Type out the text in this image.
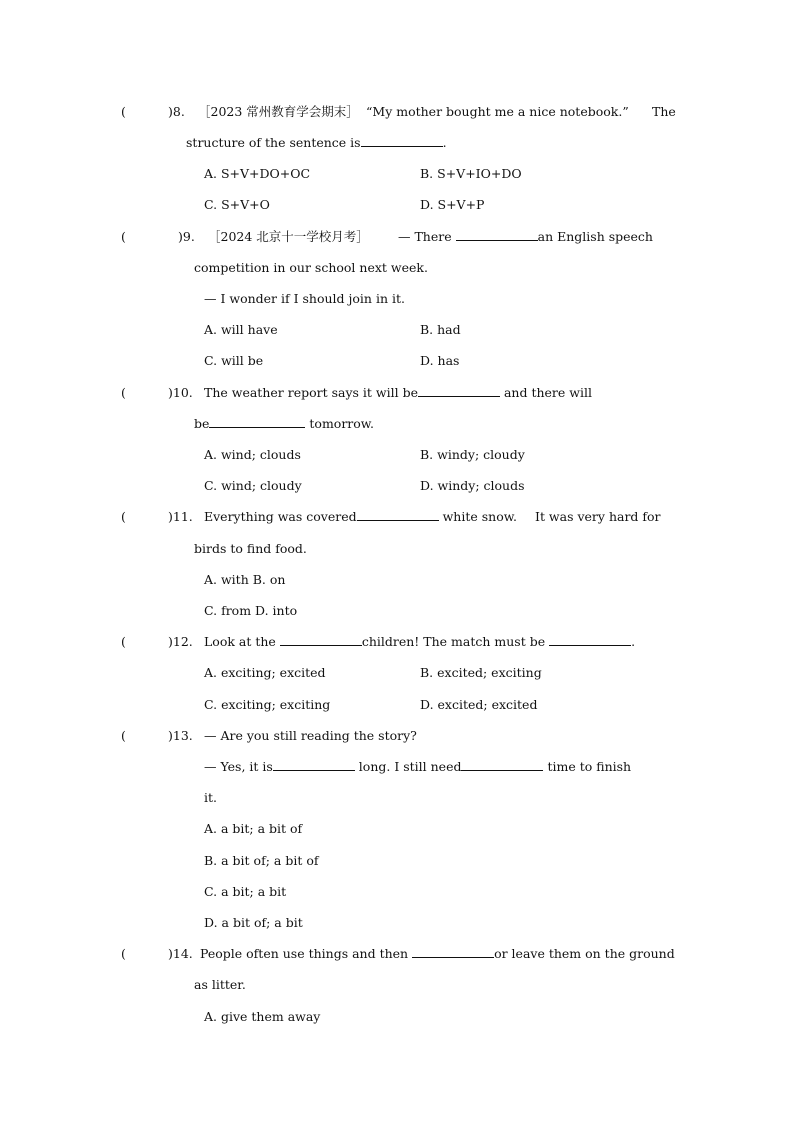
(	)8. ［2023 常州教育学会期末］ “My mother bought me a nice notebook.” The
structure of the sentence is	.
A. S+V+DO+OC	B. S+V+IO+DO
C. S+V+O	D. S+V+P
(	)9. ［2024 北京十一学校月考］ — There	an English speech
competition in our school next week.
— I wonder if I should join in it.
A. will have	B. had
C. will be	D. has
(	)10. The weather report says it will be	and there will
be	tomorrow.
A. wind; clouds	B. windy; cloudy
C. wind; cloudy	D. windy; clouds
(	)11. Everything was covered	white snow. It was very hard for
birds to find food.
A. with B. on
C. from D. into
(	)12. Look at the	children! The match must be	.
A. exciting; excited	B. excited; exciting
C. exciting; exciting	D. excited; excited
(	)13. — Are you still reading the story?
— Yes, it is	long. I still need	time to finish
it.
A. a bit; a bit of
B. a bit of; a bit of
C. a bit; a bit
D. a bit of; a bit
(	)14. People often use things and then	or leave them on the ground
as litter.
A. give them away
